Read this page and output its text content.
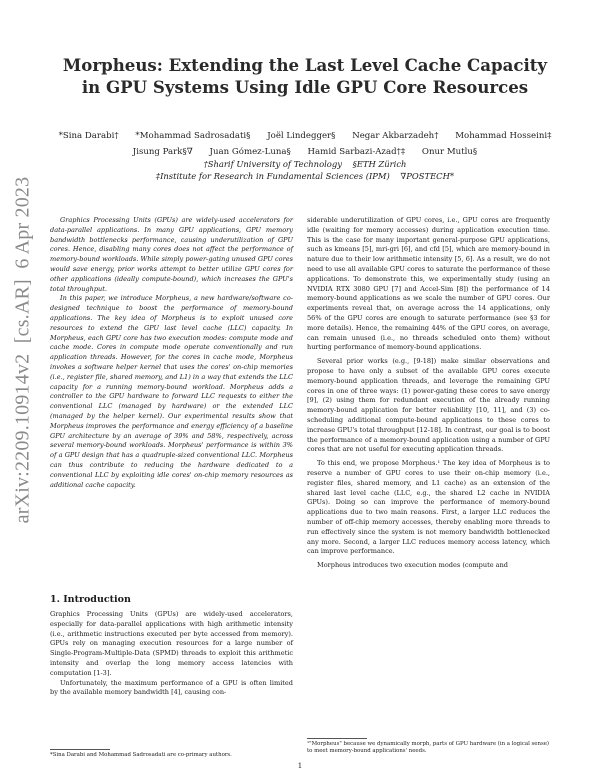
Morpheus: Extending the Last Level Cache Capacity
in GPU Systems Using Idle GPU Core Resources
*Sina Darabi† *Mohammad Sadrosadati§ Joël Lindegger§ Negar Akbarzadeh† Mohammad Hosseini‡
Jisung Park§∇ Juan Gómez-Luna§ Hamid Sarbazi-Azad†‡ Onur Mutlu§
†Sharif University of Technology    §ETH Zürich
‡Institute for Research in Fundamental Sciences (IPM)    ∇POSTECH*
arXiv:2209.10914v2  [cs.AR]  6 Apr 2023	Graphics Processing Units (GPUs) are widely-used accelerators for data-parallel applications. In many GPU applications, GPU memory bandwidth bottlenecks performance, causing underutilization of GPU cores. Hence, disabling many cores does not affect the performance of memory-bound workloads. While simply power-gating unused GPU cores would save energy, prior works attempt to better utilize GPU cores for other applications (ideally compute-bound), which increases the GPU's total throughput.

In this paper, we introduce Morpheus, a new hardware/software co-designed technique to boost the performance of memory-bound applications. The key idea of Morpheus is to exploit unused core resources to extend the GPU last level cache (LLC) capacity. In Morpheus, each GPU core has two execution modes: compute mode and cache mode. Cores in compute mode operate conventionally and run application threads. However, for the cores in cache mode, Morpheus invokes a software helper kernel that uses the cores' on-chip memories (i.e., register file, shared memory, and L1) in a way that extends the LLC capacity for a running memory-bound workload. Morpheus adds a controller to the GPU hardware to forward LLC requests to either the conventional LLC (managed by hardware) or the extended LLC (managed by the helper kernel). Our experimental results show that Morpheus improves the performance and energy efficiency of a baseline GPU architecture by an average of 39% and 58%, respectively, across several memory-bound workloads. Morpheus' performance is within 3% of a GPU design that has a quadruple-sized conventional LLC. Morpheus can thus contribute to reducing the hardware dedicated to a conventional LLC by exploiting idle cores' on-chip memory resources as additional cache capacity.

1. Introduction

Graphics Processing Units (GPUs) are widely-used accelerators, especially for data-parallel applications with high arithmetic intensity (i.e., arithmetic instructions executed per byte accessed from memory). GPUs rely on managing execution resources for a large number of Single-Program-Multiple-Data (SPMD) threads to exploit this arithmetic intensity and overlap the long memory access latencies with computation [1-3].

Unfortunately, the maximum performance of a GPU is often limited by the available memory bandwidth [4], causing con-

*Sina Darabi and Mohammad Sadrosadati are co-primary authors.

siderable underutilization of GPU cores, i.e., GPU cores are frequently idle (waiting for memory accesses) during application execution time. This is the case for many important general-purpose GPU applications, such as kmeans [5], mri-gri [6], and cfd [5], which are memory-bound in nature due to their low arithmetic intensity [5, 6]. As a result, we do not need to use all available GPU cores to saturate the performance of these applications. To demonstrate this, we experimentally study (using an NVIDIA RTX 3080 GPU [7] and Accel-Sim [8]) the performance of 14 memory-bound applications as we scale the number of GPU cores. Our experiments reveal that, on average across the 14 applications, only 56% of the GPU cores are enough to saturate performance (see §3 for more details). Hence, the remaining 44% of the GPU cores, on average, can remain unused (i.e., no threads scheduled onto them) without hurting performance of memory-bound applications.

Several prior works (e.g., [9-18]) make similar observations and propose to have only a subset of the available GPU cores execute memory-bound application threads, and leverage the remaining GPU cores in one of three ways: (1) power-gating these cores to save energy [9], (2) using them for redundant execution of the already running memory-bound application for better reliability [10, 11], and (3) co-scheduling additional compute-bound applications to these cores to increase GPU's total throughput [12-18]. In contrast, our goal is to boost the performance of a memory-bound application using a number of GPU cores that are not useful for executing application threads.

To this end, we propose Morpheus.¹ The key idea of Morpheus is to reserve a number of GPU cores to use their on-chip memory (i.e., register files, shared memory, and L1 cache) as an extension of the shared last level cache (LLC, e.g., the shared L2 cache in NVIDIA GPUs). Doing so can improve the performance of memory-bound applications due to two main reasons. First, a larger LLC reduces the number of off-chip memory accesses, thereby enabling more threads to run effectively since the system is not memory bandwidth bottlenecked any more. Second, a larger LLC reduces memory access latency, which can improve performance.

Morpheus introduces two execution modes (compute and

¹"Morpheus" because we dynamically morph, parts of GPU hardware (in a logical sense) to meet memory-bound applications' needs.
1
